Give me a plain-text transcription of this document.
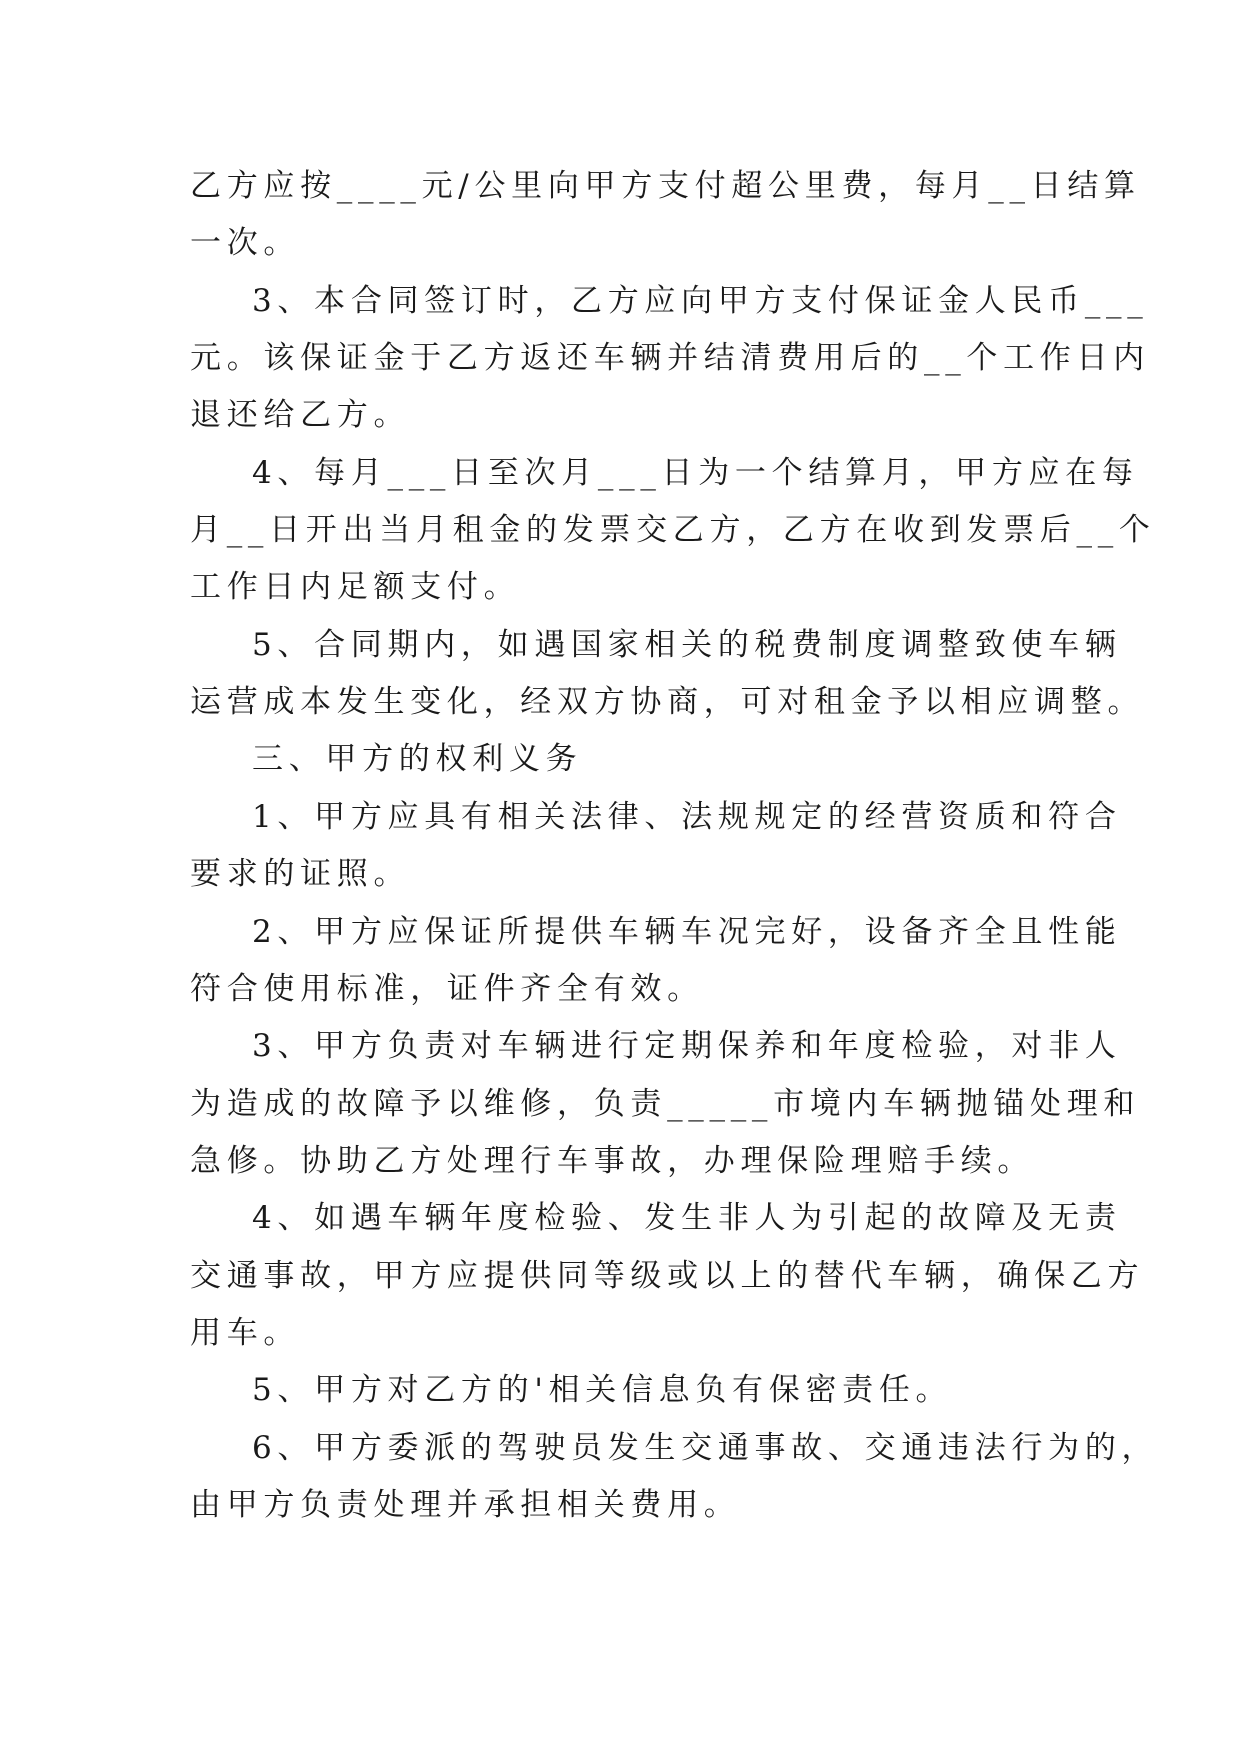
乙方应按____元/公里向甲方支付超公里费，每月__日结算
一次。
3、本合同签订时，乙方应向甲方支付保证金人民币___
元。该保证金于乙方返还车辆并结清费用后的__个工作日内
退还给乙方。
4、每月___日至次月___日为一个结算月，甲方应在每
月__日开出当月租金的发票交乙方，乙方在收到发票后__个
工作日内足额支付。
5、合同期内，如遇国家相关的税费制度调整致使车辆
运营成本发生变化，经双方协商，可对租金予以相应调整。
三、甲方的权利义务
1、甲方应具有相关法律、法规规定的经营资质和符合
要求的证照。
2、甲方应保证所提供车辆车况完好，设备齐全且性能
符合使用标准，证件齐全有效。
3、甲方负责对车辆进行定期保养和年度检验，对非人
为造成的故障予以维修，负责_____市境内车辆抛锚处理和
急修。协助乙方处理行车事故，办理保险理赔手续。
4、如遇车辆年度检验、发生非人为引起的故障及无责
交通事故，甲方应提供同等级或以上的替代车辆，确保乙方
用车。
5、甲方对乙方的'相关信息负有保密责任。
6、甲方委派的驾驶员发生交通事故、交通违法行为的，
由甲方负责处理并承担相关费用。
